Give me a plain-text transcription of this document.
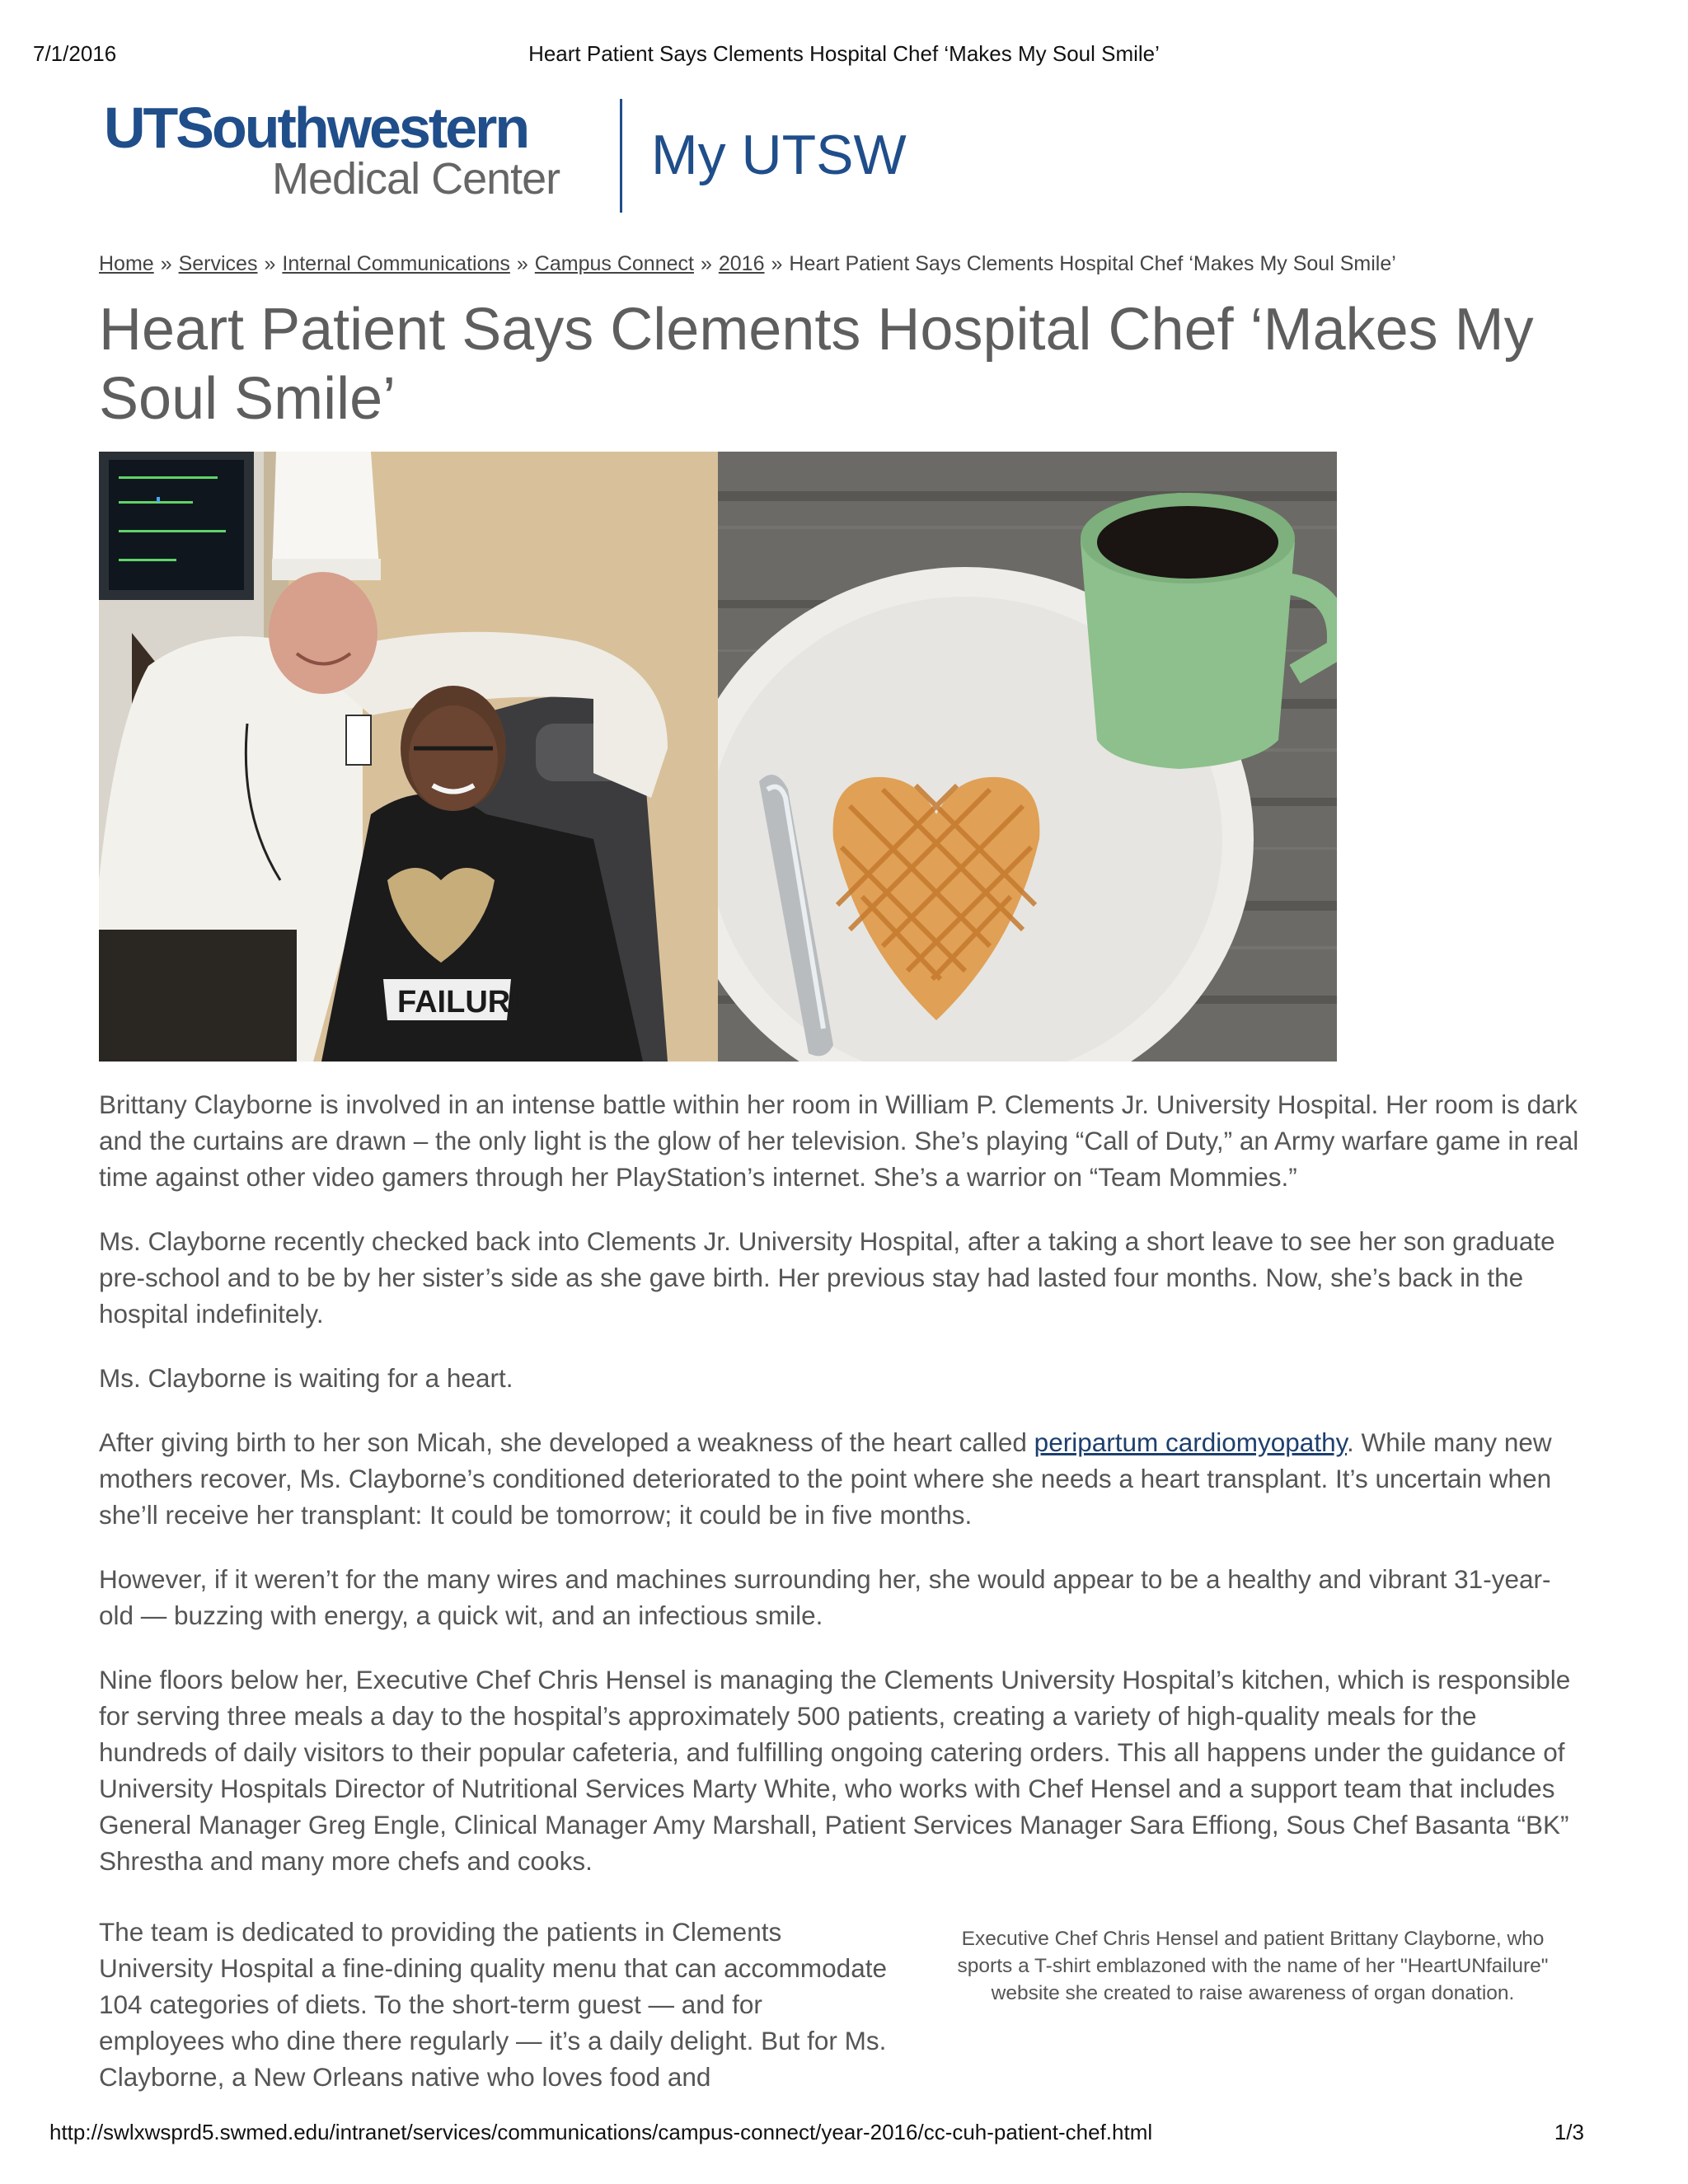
7/1/2016	Heart Patient Says Clements Hospital Chef ‘Makes My Soul Smile’
UTSouthwestern
Medical Center My UTSW
Home » Services » Internal Communications » Campus Connect » 2016 » Heart Patient Says Clements Hospital Chef ‘Makes My Soul Smile’
Heart Patient Says Clements Hospital Chef ‘Makes My Soul Smile’
FAILURE

Brittany Clayborne is involved in an intense battle within her room in William P. Clements Jr. University Hospital. Her room is dark and the curtains are drawn – the only light is the glow of her television. She’s playing “Call of Duty,” an Army warfare game in real time against other video gamers through her PlayStation’s internet. She’s a warrior on “Team Mommies.”

Ms. Clayborne recently checked back into Clements Jr. University Hospital, after a taking a short leave to see her son graduate pre-school and to be by her sister’s side as she gave birth. Her previous stay had lasted four months. Now, she’s back in the hospital indefinitely.

Ms. Clayborne is waiting for a heart.

After giving birth to her son Micah, she developed a weakness of the heart called peripartum cardiomyopathy. While many new mothers recover, Ms. Clayborne’s conditioned deteriorated to the point where she needs a heart transplant. It’s uncertain when she’ll receive her transplant: It could be tomorrow; it could be in five months.

However, if it weren’t for the many wires and machines surrounding her, she would appear to be a healthy and vibrant 31-year-old — buzzing with energy, a quick wit, and an infectious smile.

Nine floors below her, Executive Chef Chris Hensel is managing the Clements University Hospital’s kitchen, which is responsible for serving three meals a day to the hospital’s approximately 500 patients, creating a variety of high-quality meals for the hundreds of daily visitors to their popular cafeteria, and fulfilling ongoing catering orders. This all happens under the guidance of University Hospitals Director of Nutritional Services Marty White, who works with Chef Hensel and a support team that includes General Manager Greg Engle, Clinical Manager Amy Marshall, Patient Services Manager Sara Effiong, Sous Chef Basanta “BK” Shrestha and many more chefs and cooks.

The team is dedicated to providing the patients in Clements University Hospital a fine-dining quality menu that can accommodate 104 categories of diets. To the short-term guest — and for employees who dine there regularly — it’s a daily delight. But for Ms. Clayborne, a New Orleans native who loves food and

Executive Chef Chris Hensel and patient Brittany Clayborne, who sports a T-shirt emblazoned with the name of her "HeartUNfailure" website she created to raise awareness of organ donation.

http://swlxwsprd5.swmed.edu/intranet/services/communications/campus-connect/year-2016/cc-cuh-patient-chef.html	1/3
